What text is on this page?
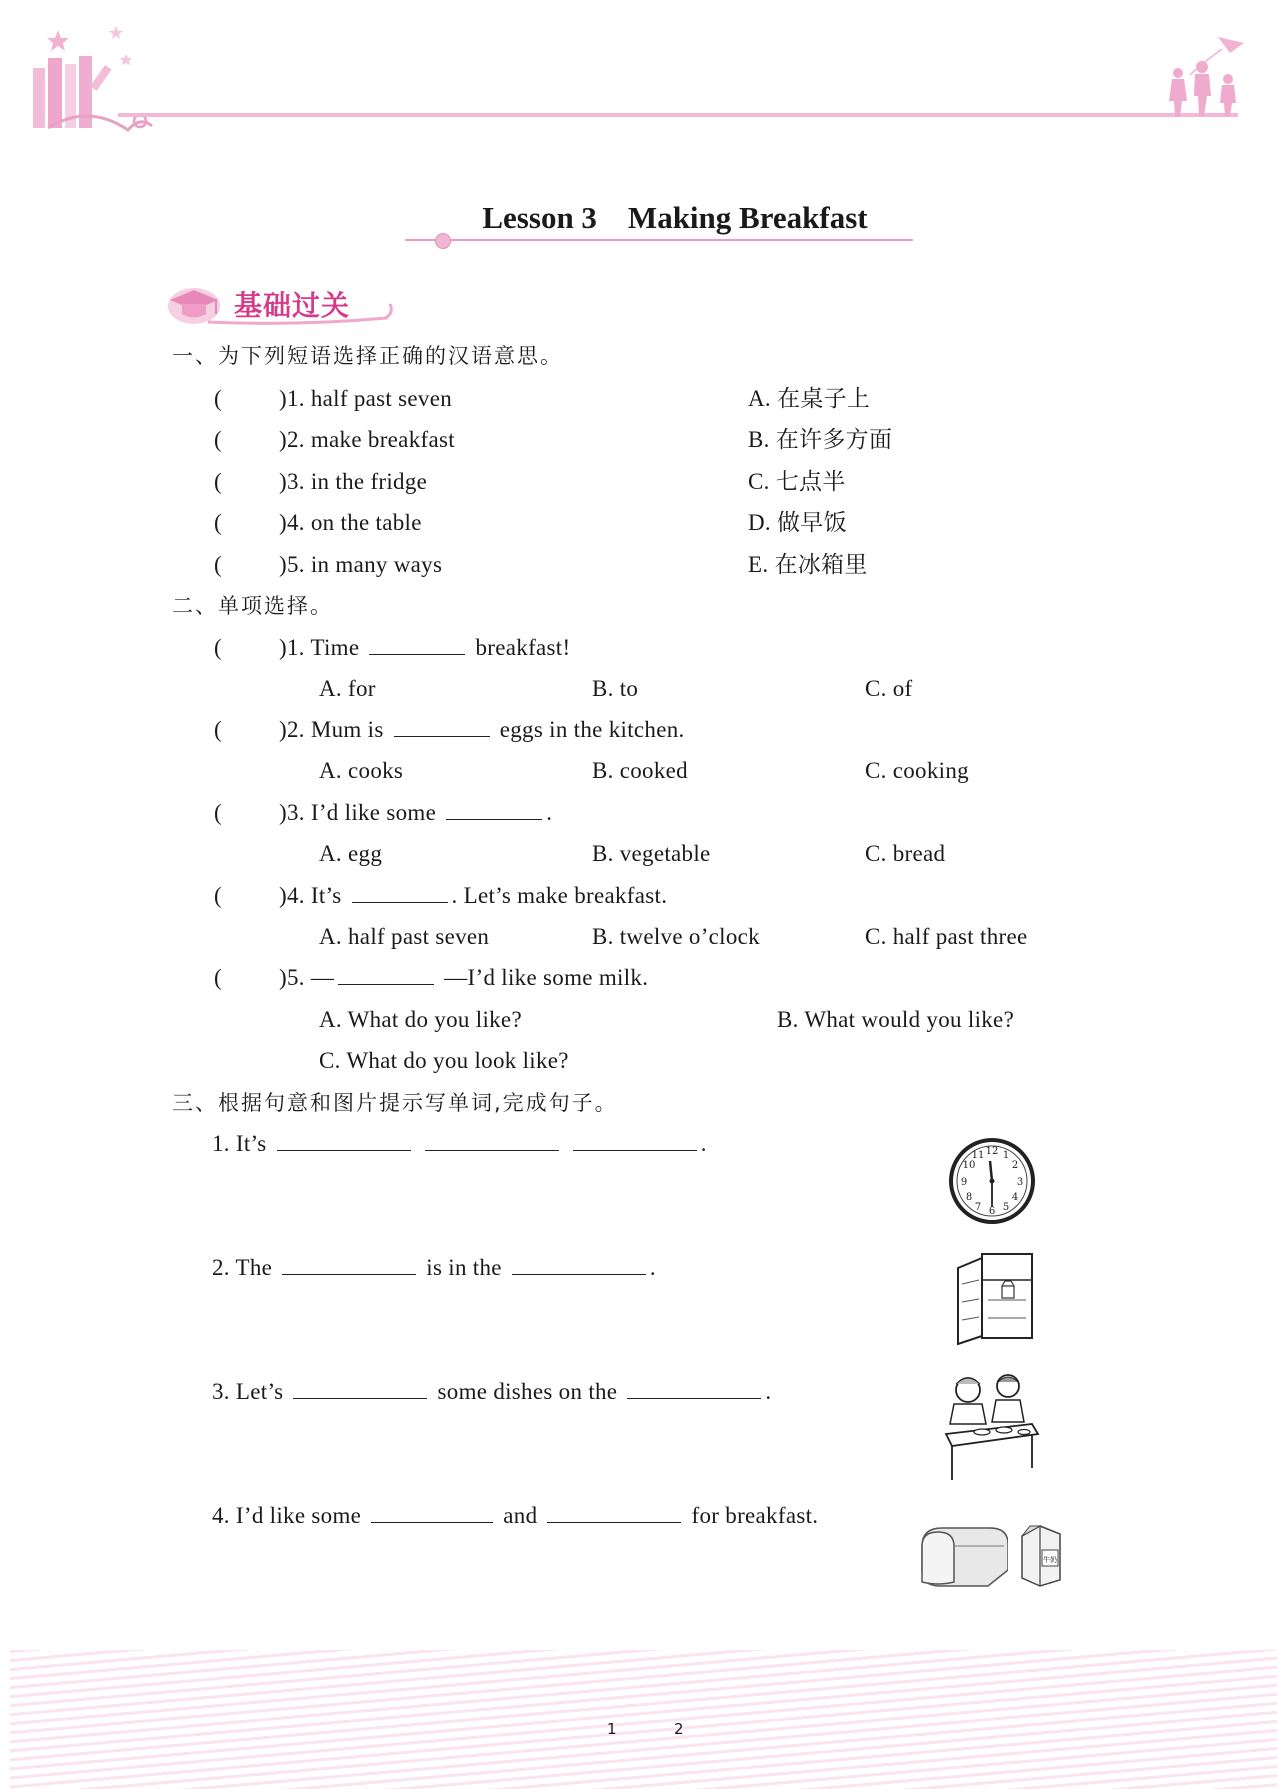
Lesson 3    Making Breakfast
基础过关
一、为下列短语选择正确的汉语意思。
( )1. half past seven	A. 在桌子上
( )2. make breakfast	B. 在许多方面
( )3. in the fridge	C. 七点半
( )4. on the table	D. 做早饭
( )5. in many ways	E. 在冰箱里
二、单项选择。
( )1. Time	breakfast!
A. for	B. to	C. of
( )2. Mum is	eggs in the kitchen.
A. cooks	B. cooked	C. cooking
( )3. I’d like some	.
A. egg	B. vegetable	C. bread
( )4. It’s	. Let’s make breakfast.
A. half past seven	B. twelve o’clock	C. half past three
( )5. —	—I’d like some milk.
A. What do you like?	B. What would you like?
C. What do you look like?
三、根据句意和图片提示写单词,完成句子。
1. It’s	.	12 1
2
3
4
5
6
7
8
9
10
11
2. The	is in the	.
3. Let’s	some dishes on the	.
4. I’d like some	and	for breakfast.
牛奶
1	2
